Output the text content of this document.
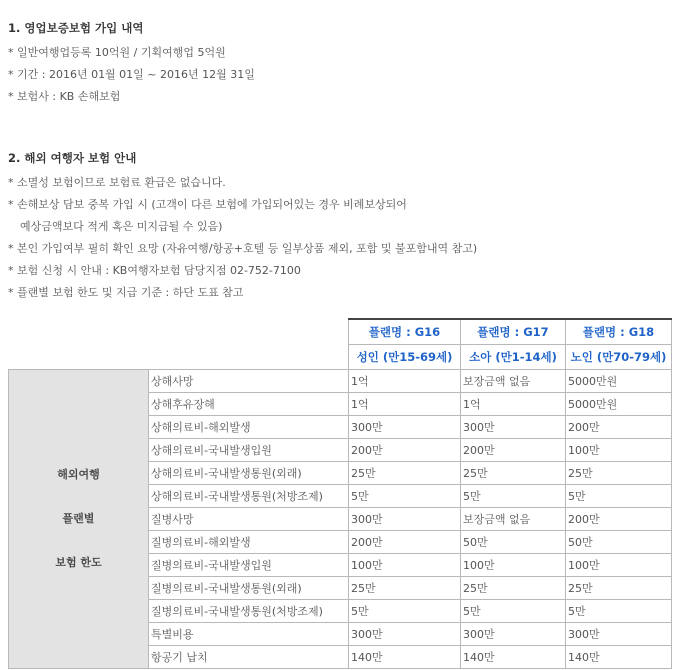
1. 영업보증보험 가입 내역
* 일반여행업등록 10억원 / 기획여행업 5억원
* 기간 : 2016년 01월 01일 ~ 2016년 12월 31일
* 보험사 : KB 손해보험
2. 해외 여행자 보험 안내
* 소멸성 보험이므로 보험료 환급은 없습니다.
* 손해보상 담보 중복 가입 시 (고객이 다른 보험에 가입되어있는 경우 비례보상되어
예상금액보다 적게 혹은 미지급될 수 있음)
* 본인 가입여부 필히 확인 요망 (자유여행/항공+호텔 등 일부상품 제외, 포함 및 불포함내역 참고)
* 보험 신청 시 안내 : KB여행자보험 담당지점 02-752-7100
* 플랜별 보험 한도 및 지급 기준 : 하단 도표 참고
		플랜명 : G16	플랜명 : G17	플랜명 : G18
		성인 (만15-69세)	소아 (만1-14세)	노인 (만70-79세)

해외여행
플랜별
보험 한도	상해사망	1억	보장금액 없음	5000만원
	상해후유장해	1억	1억	5000만원
	상해의료비-해외발생	300만	300만	200만
	상해의료비-국내발생입원	200만	200만	100만
	상해의료비-국내발생통원(외래)	25만	25만	25만
	상해의료비-국내발생통원(처방조제)	5만	5만	5만
	질병사망	300만	보장금액 없음	200만
	질병의료비-해외발생	200만	50만	50만
	질병의료비-국내발생입원	100만	100만	100만
	질병의료비-국내발생통원(외래)	25만	25만	25만
	질병의료비-국내발생통원(처방조제)	5만	5만	5만
	특별비용	300만	300만	300만
	항공기 납치	140만	140만	140만
